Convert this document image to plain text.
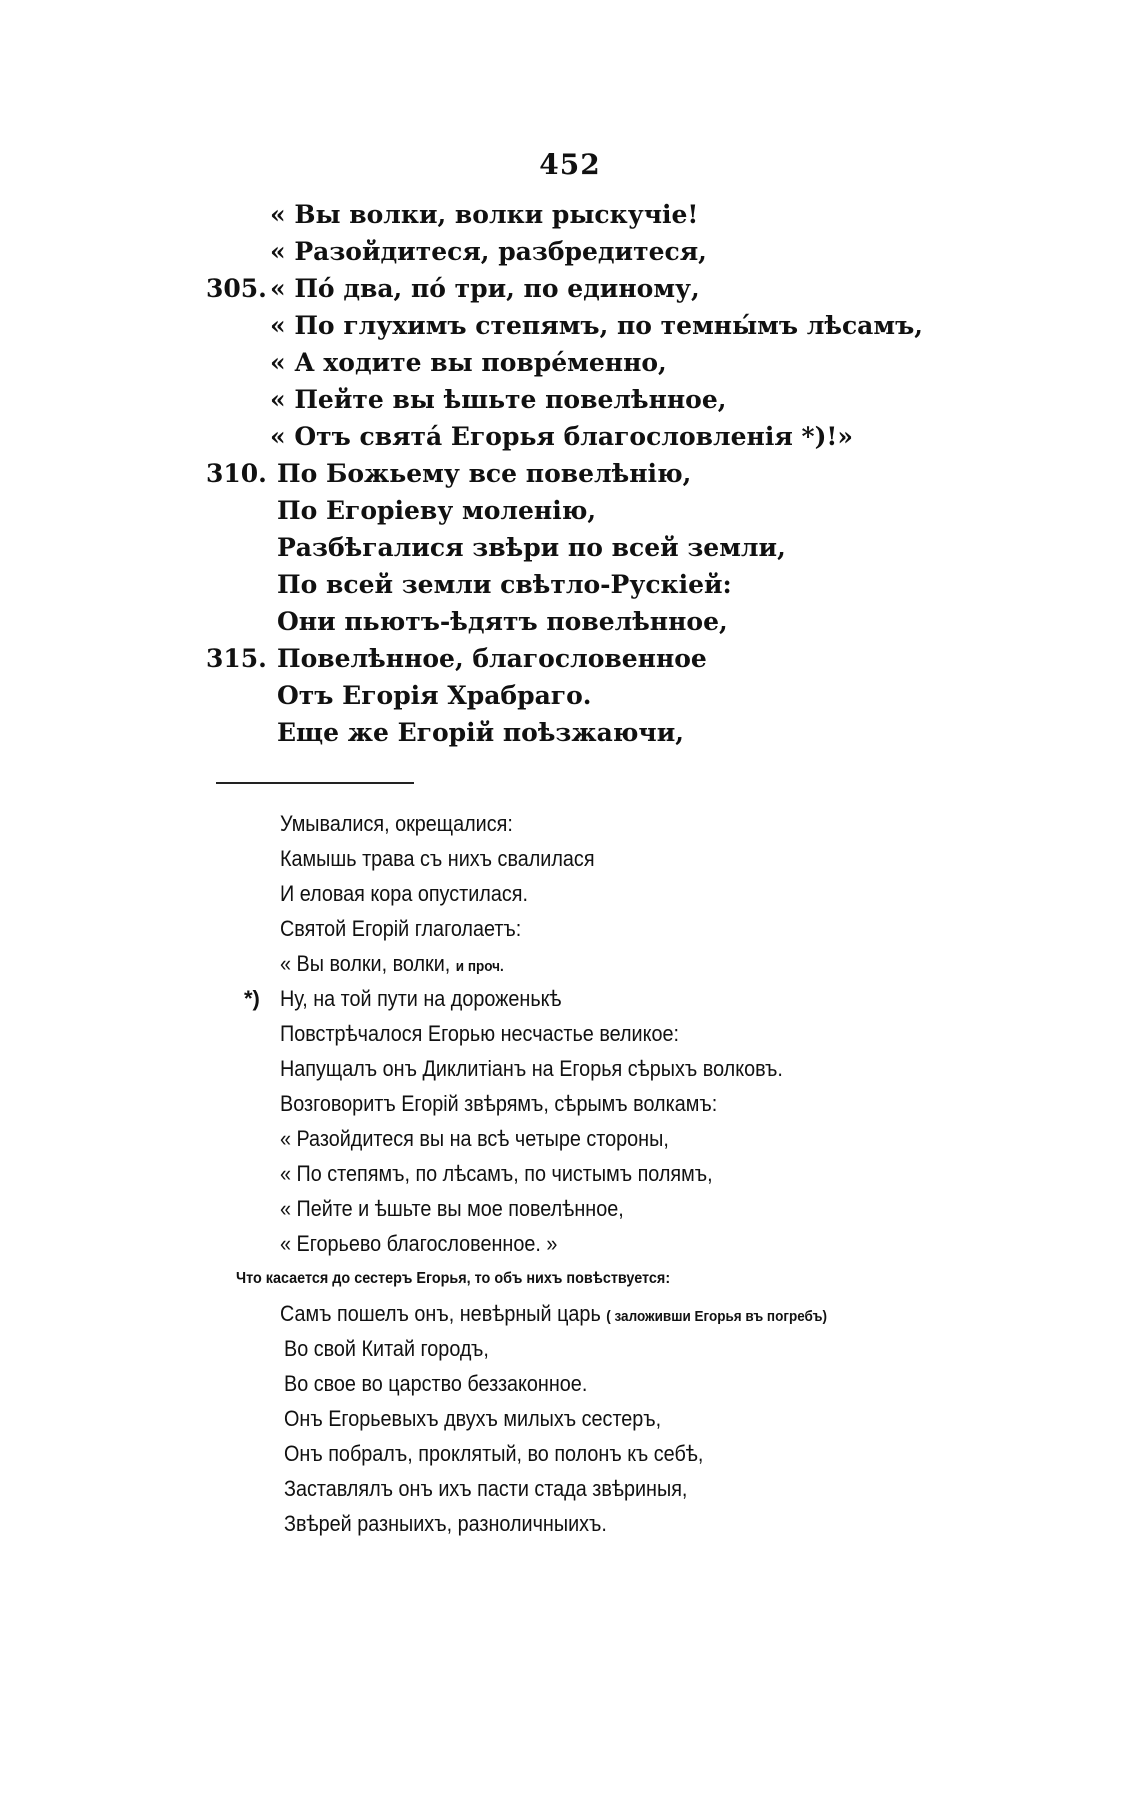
452
« Вы волки, волки рыскучіе!
« Разойдитеся, разбредитеся,
305. « Пó два, пó три, по единому,
« По глухимъ степямъ, по темны́мъ лѣсамъ,
« А ходите вы поврéменно,
« Пейте вы ѣшьте повелѣнное,
« Отъ святá Егорья благословленія *)!»
310. По Божьему все повелѣнію,
По Егоріеву моленію,
Разбѣгалися звѣри по всей земли,
По всей земли свѣтло-Рускіей:
Они пьютъ-ѣдятъ повелѣнное,
315. Повелѣнное, благословенное
Отъ Егорія Храбраго.
Еще же Егорій поѣзжаючи,
Умывалися, окрещалися:
Камышь трава съ нихъ свалилася
И еловая кора опустилася.
Святой Егорій глаголаетъ:
« Вы волки, волки, и проч.
*) Ну, на той пути на дороженькѣ
Повстрѣчалося Егорью несчастье великое:
Напущалъ онъ Диклитіанъ на Егорья сѣрыхъ волковъ.
Возговоритъ Егорій звѣрямъ, сѣрымъ волкамъ:
« Разойдитеся вы на всѣ четыре стороны,
« По степямъ, по лѣсамъ, по чистымъ полямъ,
« Пейте и ѣшьте вы мое повелѣнное,
« Егорьево благословенное. »
Что касается до сестеръ Егорья, то объ нихъ повѣствуется:
Самъ пошелъ онъ, невѣрный царь ( заложивши Егорья въ погребъ)
Во свой Китай городъ,
Во свое во царство беззаконное.
Онъ Егорьевыхъ двухъ милыхъ сестеръ,
Онъ побралъ, проклятый, во полонъ къ себѣ,
Заставлялъ онъ ихъ пасти стада звѣриныя,
Звѣрей разныихъ, разноличныихъ.
